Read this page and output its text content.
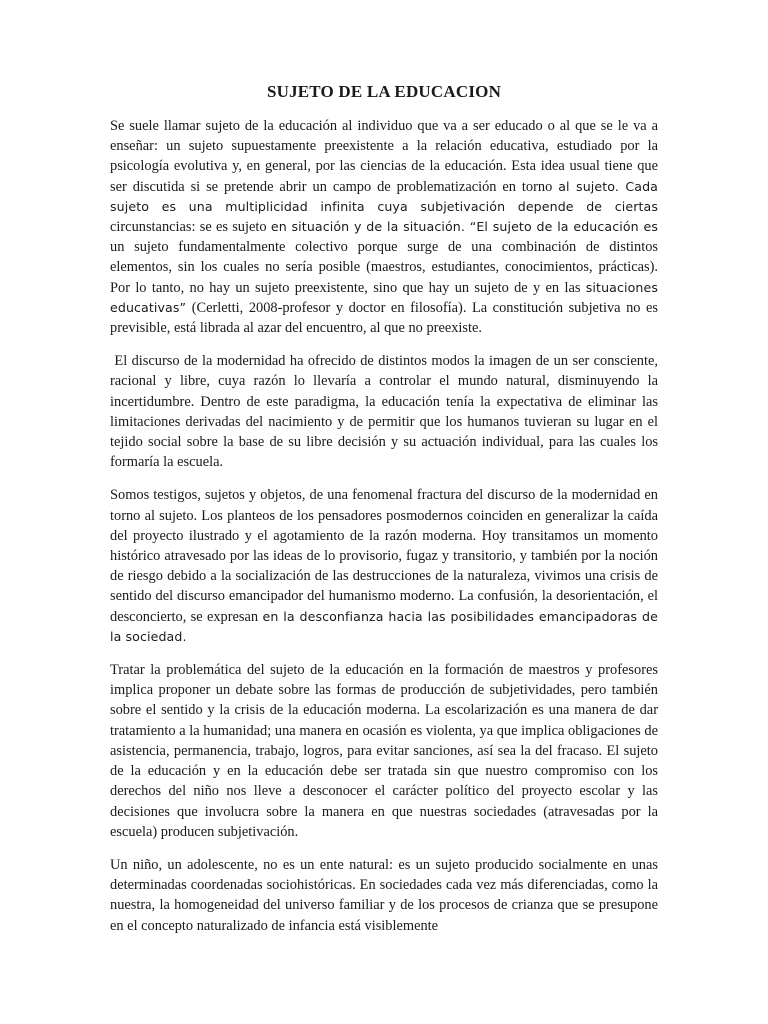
SUJETO DE LA EDUCACION

Se suele llamar sujeto de la educación al individuo que va a ser educado o al que se le va a enseñar: un sujeto supuestamente preexistente a la relación educativa, estudiado por la psicología evolutiva y, en general, por las ciencias de la educación. Esta idea usual tiene que ser discutida si se pretende abrir un campo de problematización en torno al sujeto. Cada sujeto es una multiplicidad infinita cuya subjetivación depende de ciertas circunstancias: se es sujeto en situación y de la situación. “El sujeto de la educación es un sujeto fundamentalmente colectivo porque surge de una combinación de distintos elementos, sin los cuales no sería posible (maestros, estudiantes, conocimientos, prácticas). Por lo tanto, no hay un sujeto preexistente, sino que hay un sujeto de y en las situaciones educativas” (Cerletti, 2008-profesor y doctor en filosofía). La constitución subjetiva no es previsible, está librada al azar del encuentro, al que no preexiste.

El discurso de la modernidad ha ofrecido de distintos modos la imagen de un ser consciente, racional y libre, cuya razón lo llevaría a controlar el mundo natural, disminuyendo la incertidumbre. Dentro de este paradigma, la educación tenía la expectativa de eliminar las limitaciones derivadas del nacimiento y de permitir que los humanos tuvieran su lugar en el tejido social sobre la base de su libre decisión y su actuación individual, para las cuales los formaría la escuela.

Somos testigos, sujetos y objetos, de una fenomenal fractura del discurso de la modernidad en torno al sujeto. Los planteos de los pensadores posmodernos coinciden en generalizar la caída del proyecto ilustrado y el agotamiento de la razón moderna. Hoy transitamos un momento histórico atravesado por las ideas de lo provisorio, fugaz y transitorio, y también por la noción de riesgo debido a la socialización de las destrucciones de la naturaleza, vivimos una crisis de sentido del discurso emancipador del humanismo moderno. La confusión, la desorientación, el desconcierto, se expresan en la desconfianza hacia las posibilidades emancipadoras de la sociedad.

Tratar la problemática del sujeto de la educación en la formación de maestros y profesores implica proponer un debate sobre las formas de producción de subjetividades, pero también sobre el sentido y la crisis de la educación moderna. La escolarización es una manera de dar tratamiento a la humanidad; una manera en ocasión es violenta, ya que implica obligaciones de asistencia, permanencia, trabajo, logros, para evitar sanciones, así sea la del fracaso. El sujeto de la educación y en la educación debe ser tratada sin que nuestro compromiso con los derechos del niño nos lleve a desconocer el carácter político del proyecto escolar y las decisiones que involucra sobre la manera en que nuestras sociedades (atravesadas por la escuela) producen subjetivación.

Un niño, un adolescente, no es un ente natural: es un sujeto producido socialmente en unas determinadas coordenadas sociohistóricas. En sociedades cada vez más diferenciadas, como la nuestra, la homogeneidad del universo familiar y de los procesos de crianza que se presupone en el concepto naturalizado de infancia está visiblemente
